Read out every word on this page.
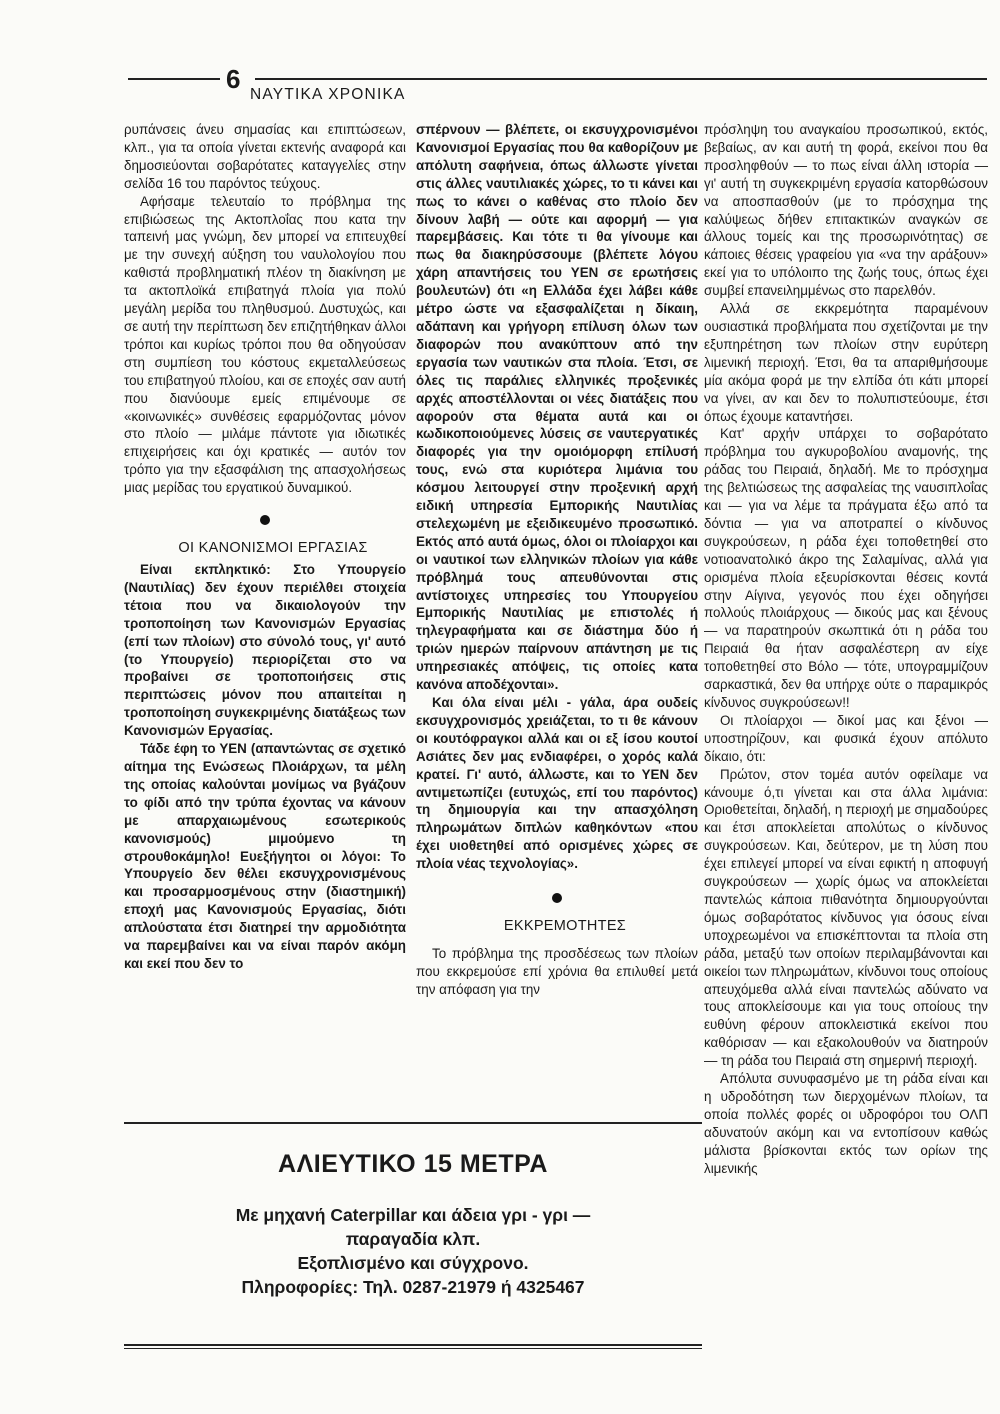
6
ΝΑΥΤΙΚΑ ΧΡΟΝΙΚΑ

ρυπάνσεις άνευ σημασίας και επιπτώσεων, κλπ., για τα οποία γίνεται εκτενής αναφορά και δημοσιεύονται σοβαρότατες καταγγελίες στην σελίδα 16 του παρόντος τεύχους.

Αφήσαμε τελευταίο το πρόβλημα της επιβιώσεως της Ακτοπλοΐας που κατα την ταπεινή μας γνώμη, δεν μπορεί να επιτευχθεί με την συνεχή αύξηση του ναυλολογίου που καθιστά προβληματική πλέον τη διακίνηση με τα ακτοπλοϊκά επιβατηγά πλοία για πολύ μεγάλη μερίδα του πληθυσμού. Δυστυχώς, και σε αυτή την περίπτωση δεν επιζητήθηκαν άλλοι τρόποι και κυρίως τρόποι που θα οδηγούσαν στη συμπίεση του κόστους εκμεταλλεύσεως του επιβατηγού πλοίου, και σε εποχές σαν αυτή που διανύουμε εμείς επιμένουμε σε «κοινωνικές» συνθέσεις εφαρμόζοντας μόνον στο πλοίο — μιλάμε πάντοτε για ιδιωτικές επιχειρήσεις και όχι κρατικές — αυτόν τον τρόπο για την εξασφάλιση της απασχολήσεως μιας μερίδας του εργατικού δυναμικού.

ΟΙ ΚΑΝΟΝΙΣΜΟΙ ΕΡΓΑΣΙΑΣ

Είναι εκπληκτικό: Στο Υπουργείο (Ναυτιλίας) δεν έχουν περιέλθει στοιχεία τέτοια που να δικαιολογούν την τροποποίηση των Κανονισμών Εργασίας (επί των πλοίων) στο σύνολό τους, γι' αυτό (το Υπουργείο) περιορίζεται στο να προβαίνει σε τροποποιήσεις στις περιπτώσεις μόνον που απαιτείται η τροποποίηση συγκεκριμένης διατάξεως των Κανονισμών Εργασίας.

Τάδε έφη το ΥΕΝ (απαντώντας σε σχετικό αίτημα της Ενώσεως Πλοιάρχων, τα μέλη της οποίας καλούνται μονίμως να βγάζουν το φίδι από την τρύπα έχοντας να κάνουν με απαρχαιωμένους εσωτερικούς κανονισμούς) μιμούμενο τη στρουθοκάμηλο! Ευεξήγητοι οι λόγοι: Το Υπουργείο δεν θέλει εκσυγχρονισμένους και προσαρμοσμένους στην (διαστημική) εποχή μας Κανονισμούς Εργασίας, διότι απλούστατα έτσι διατηρεί την αρμοδιότητα να παρεμβαίνει και να είναι παρόν ακόμη και εκεί που δεν το

σπέρνουν — βλέπετε, οι εκσυγχρονισμένοι Κανονισμοί Εργασίας που θα καθορίζουν με απόλυτη σαφήνεια, όπως άλλωστε γίνεται στις άλλες ναυτιλιακές χώρες, το τι κάνει και πως το κάνει ο καθένας στο πλοίο δεν δίνουν λαβή — ούτε και αφορμή — για παρεμβάσεις. Και τότε τι θα γίνουμε και πως θα διακηρύσσουμε (βλέπετε λόγου χάρη απαντήσεις του ΥΕΝ σε ερωτήσεις βουλευτών) ότι «η Ελλάδα έχει λάβει κάθε μέτρο ώστε να εξασφαλίζεται η δίκαιη, αδάπανη και γρήγορη επίλυση όλων των διαφορών που ανακύπτουν από την εργασία των ναυτικών στα πλοία. Έτσι, σε όλες τις παράλιες ελληνικές προξενικές αρχές αποστέλλονται οι νέες διατάξεις που αφορούν στα θέματα αυτά και οι κωδικοποιούμενες λύσεις σε ναυτεργατικές διαφορές για την ομοιόμορφη επίλυσή τους, ενώ στα κυριότερα λιμάνια του κόσμου λειτουργεί στην προξενική αρχή ειδική υπηρεσία Εμπορικής Ναυτιλίας στελεχωμένη με εξειδικευμένο προσωπικό. Εκτός από αυτά όμως, όλοι οι πλοίαρχοι και οι ναυτικοί των ελληνικών πλοίων για κάθε πρόβλημά τους απευθύνονται στις αντίστοιχες υπηρεσίες του Υπουργείου Εμπορικής Ναυτιλίας με επιστολές ή τηλεγραφήματα και σε διάστημα δύο ή τριών ημερών παίρνουν απάντηση με τις υπηρεσιακές απόψεις, τις οποίες κατα κανόνα αποδέχονται».

Και όλα είναι μέλι - γάλα, άρα ουδείς εκσυγχρονισμός χρειάζεται, το τι θε κάνουν οι κουτόφραγκοι αλλά και οι εξ ίσου κουτοί Ασιάτες δεν μας ενδιαφέρει, ο χορός καλά κρατεί. Γι' αυτό, άλλωστε, και το ΥΕΝ δεν αντιμετωπίζει (ευτυχώς, επί του παρόντος) τη δημιουργία και την απασχόληση πληρωμάτων διπλών καθηκόντων «που έχει υιοθετηθεί από ορισμένες χώρες σε πλοία νέας τεχνολογίας».

ΕΚΚΡΕΜΟΤΗΤΕΣ

Το πρόβλημα της προσδέσεως των πλοίων που εκκρεμούσε επί χρόνια θα επιλυθεί μετά την απόφαση για την

πρόσληψη του αναγκαίου προσωπικού, εκτός, βεβαίως, αν και αυτή τη φορά, εκείνοι που θα προσληφθούν — το πως είναι άλλη ιστορία — γι' αυτή τη συγκεκριμένη εργασία κατορθώσουν να αποσπασθούν (με το πρόσχημα της καλύψεως δήθεν επιτακτικών αναγκών σε άλλους τομείς και της προσωρινότητας) σε κάποιες θέσεις γραφείου για «να την αράξουν» εκεί για το υπόλοιπο της ζωής τους, όπως έχει συμβεί επανειλημμένως στο παρελθόν.

Αλλά σε εκκρεμότητα παραμένουν ουσιαστικά προβλήματα που σχετίζονται με την εξυπηρέτηση των πλοίων στην ευρύτερη λιμενική περιοχή. Έτσι, θα τα απαριθμήσουμε μία ακόμα φορά με την ελπίδα ότι κάτι μπορεί να γίνει, αν και δεν το πολυπιστεύουμε, έτσι όπως έχουμε καταντήσει.

Κατ' αρχήν υπάρχει το σοβαρότατο πρόβλημα του αγκυροβολίου αναμονής, της ράδας του Πειραιά, δηλαδή. Με το πρόσχημα της βελτιώσεως της ασφαλείας της ναυσιπλοΐας και — για να λέμε τα πράγματα έξω από τα δόντια — για να αποτραπεί ο κίνδυνος συγκρούσεων, η ράδα έχει τοποθετηθεί στο νοτιοανατολικό άκρο της Σαλαμίνας, αλλά για ορισμένα πλοία εξευρίσκονται θέσεις κοντά στην Αίγινα, γεγονός που έχει οδηγήσει πολλούς πλοιάρχους — δικούς μας και ξένους — να παρατηρούν σκωπτικά ότι η ράδα του Πειραιά θα ήταν ασφαλέστερη αν είχε τοποθετηθεί στο Βόλο — τότε, υπογραμμίζουν σαρκαστικά, δεν θα υπήρχε ούτε ο παραμικρός κίνδυνος συγκρούσεων!!

Οι πλοίαρχοι — δικοί μας και ξένοι — υποστηρίζουν, και φυσικά έχουν απόλυτο δίκαιο, ότι:

Πρώτον, στον τομέα αυτόν οφείλαμε να κάνουμε ό,τι γίνεται και στα άλλα λιμάνια: Οριοθετείται, δηλαδή, η περιοχή με σημαδούρες και έτσι αποκλείεται απολύτως ο κίνδυνος συγκρούσεων. Και, δεύτερον, με τη λύση που έχει επιλεγεί μπορεί να είναι εφικτή η αποφυγή συγκρούσεων — χωρίς όμως να αποκλείεται παντελώς κάποια πιθανότητα δημιουργούνται όμως σοβαρότατος κίνδυνος για όσους είναι υποχρεωμένοι να επισκέπτονται τα πλοία στη ράδα, μεταξύ των οποίων περιλαμβάνονται και οικείοι των πληρωμάτων, κίνδυνοι τους οποίους απευχόμεθα αλλά είναι παντελώς αδύνατο να τους αποκλείσουμε και για τους οποίους την ευθύνη φέρουν αποκλειστικά εκείνοι που καθόρισαν — και εξακολουθούν να διατηρούν — τη ράδα του Πειραιά στη σημερινή περιοχή.

Απόλυτα συνυφασμένο με τη ράδα είναι και η υδροδότηση των διερχομένων πλοίων, τα οποία πολλές φορές οι υδροφόροι του ΟΛΠ αδυνατούν ακόμη και να εντοπίσουν καθώς μάλιστα βρίσκονται εκτός των ορίων της λιμενικής

ΑΛΙΕΥΤΙΚΟ 15 ΜΕΤΡΑ
Με μηχανή Caterpillar και άδεια γρι - γρι —
παραγαδία κλπ.
Εξοπλισμένο και σύγχρονο.
Πληροφορίες: Τηλ. 0287-21979 ή 4325467
